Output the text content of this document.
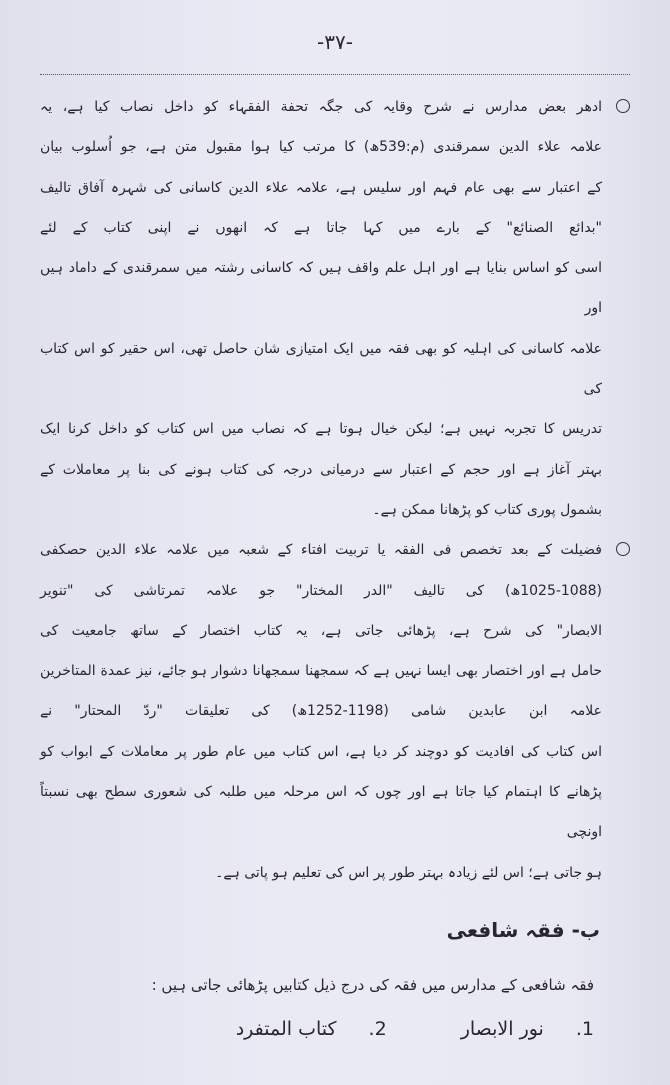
-٣٧-
ادھر بعض مدارس نے شرح وقایہ کی جگہ تحفة الفقہاء کو داخل نصاب کیا ہے، یہ
علامہ علاء الدین سمرقندی (م:539ھ) کا مرتب کیا ہوا مقبول متن ہے، جو اُسلوب بیان
کے اعتبار سے بھی عام فہم اور سلیس ہے، علامہ علاء الدین کاسانی کی شہرہ آفاق تالیف
"بدائع الصنائع" کے بارے میں کہا جاتا ہے کہ انھوں نے اپنی کتاب کے لئے
اسی کو اساس بنایا ہے اور اہل علم واقف ہیں کہ کاسانی رشتہ میں سمرقندی کے داماد ہیں اور
علامہ کاسانی کی اہلیہ کو بھی فقہ میں ایک امتیازی شان حاصل تھی، اس حقیر کو اس کتاب کی
تدریس کا تجربہ نہیں ہے؛ لیکن خیال ہوتا ہے کہ نصاب میں اس کتاب کو داخل کرنا ایک
بہتر آغاز ہے اور حجم کے اعتبار سے درمیانی درجہ کی کتاب ہونے کی بنا پر معاملات کے
بشمول پوری کتاب کو پڑھانا ممکن ہے۔
فضیلت کے بعد تخصص فی الفقہ یا تربیت افتاء کے شعبہ میں علامہ علاء الدین حصکفی
(1025-1088ھ) کی تالیف "الدر المختار" جو علامہ تمرتاشی کی "تنویر
الابصار" کی شرح ہے، پڑھائی جاتی ہے، یہ کتاب اختصار کے ساتھ جامعیت کی
حامل ہے اور اختصار بھی ایسا نہیں ہے کہ سمجھنا سمجھانا دشوار ہو جائے، نیز عمدة المتاخرین
علامہ ابن عابدین شامی (1198-1252ھ) کی تعلیقات "ردّ المحتار" نے
اس کتاب کی افادیت کو دوچند کر دیا ہے، اس کتاب میں عام طور پر معاملات کے ابواب کو
پڑھانے کا اہتمام کیا جاتا ہے اور چوں کہ اس مرحلہ میں طلبہ کی شعوری سطح بھی نسبتاً اونچی
ہو جاتی ہے؛ اس لئے زیادہ بہتر طور پر اس کی تعلیم ہو پاتی ہے۔
ب- فقہ شافعی
فقہ شافعی کے مدارس میں فقہ کی درج ذیل کتابیں پڑھائی جاتی ہیں :
1.
نور الابصار
2.
کتاب المتفرد
